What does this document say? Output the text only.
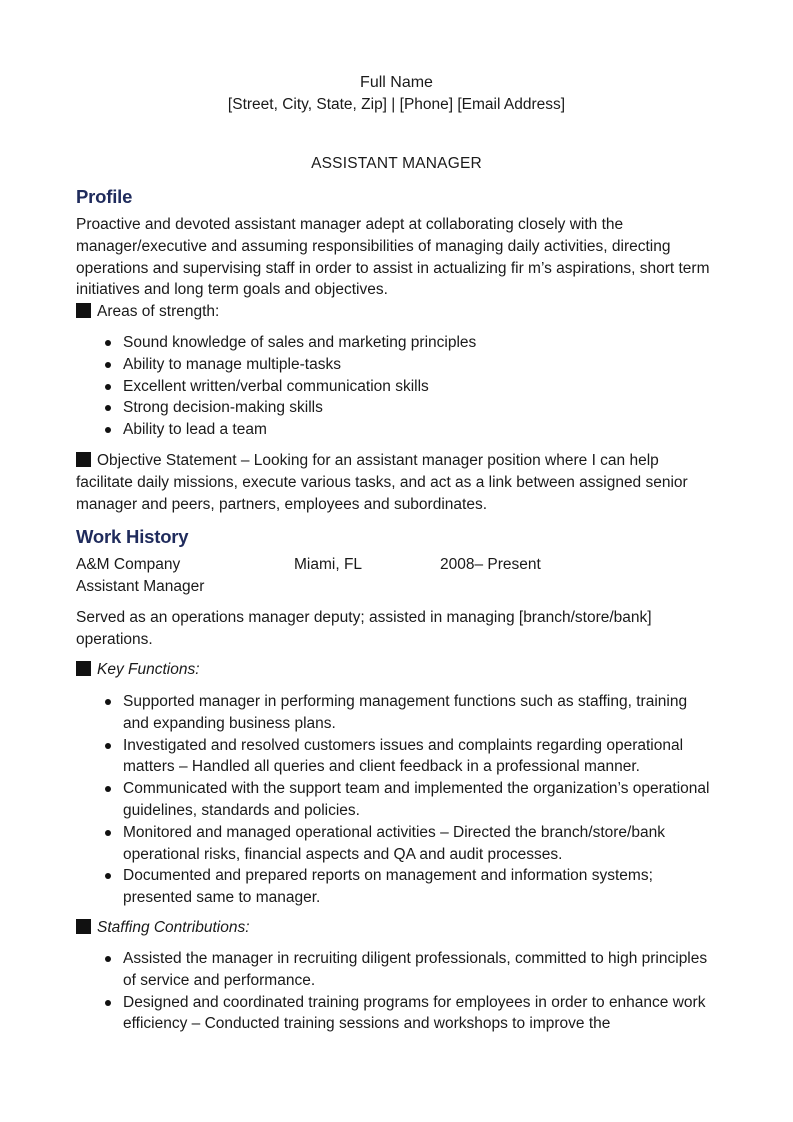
Full Name
[Street, City, State, Zip] | [Phone] [Email Address]
ASSISTANT MANAGER
Profile

Proactive and devoted assistant manager adept at collaborating closely with the manager/executive and assuming responsibilities of managing daily activities, directing operations and supervising staff in order to assist in actualizing fir m’s aspirations, short term initiatives and long term goals and objectives.

Areas of strength:
Sound knowledge of sales and marketing principles
Ability to manage multiple-tasks
Excellent written/verbal communication skills
Strong decision-making skills
Ability to lead a team

Objective Statement – Looking for an assistant manager position where I can help facilitate daily missions, execute various tasks, and act as a link between assigned senior manager and peers, partners, employees and subordinates.

Work History
A&M Company	Miami, FL	2008– Present
Assistant Manager

Served as an operations manager deputy; assisted in managing [branch/store/bank] operations.

Key Functions:
Supported manager in performing management functions such as staffing, training and expanding business plans.
Investigated and resolved customers issues and complaints regarding operational matters – Handled all queries and client feedback in a professional manner.
Communicated with the support team and implemented the organization’s operational guidelines, standards and policies.
Monitored and managed operational activities – Directed the branch/store/bank operational risks, financial aspects and QA and audit processes.
Documented and prepared reports on management and information systems; presented same to manager.
Staffing Contributions:
Assisted the manager in recruiting diligent professionals, committed to high principles of service and performance.
Designed and coordinated training programs for employees in order to enhance work efficiency – Conducted training sessions and workshops to improve the
